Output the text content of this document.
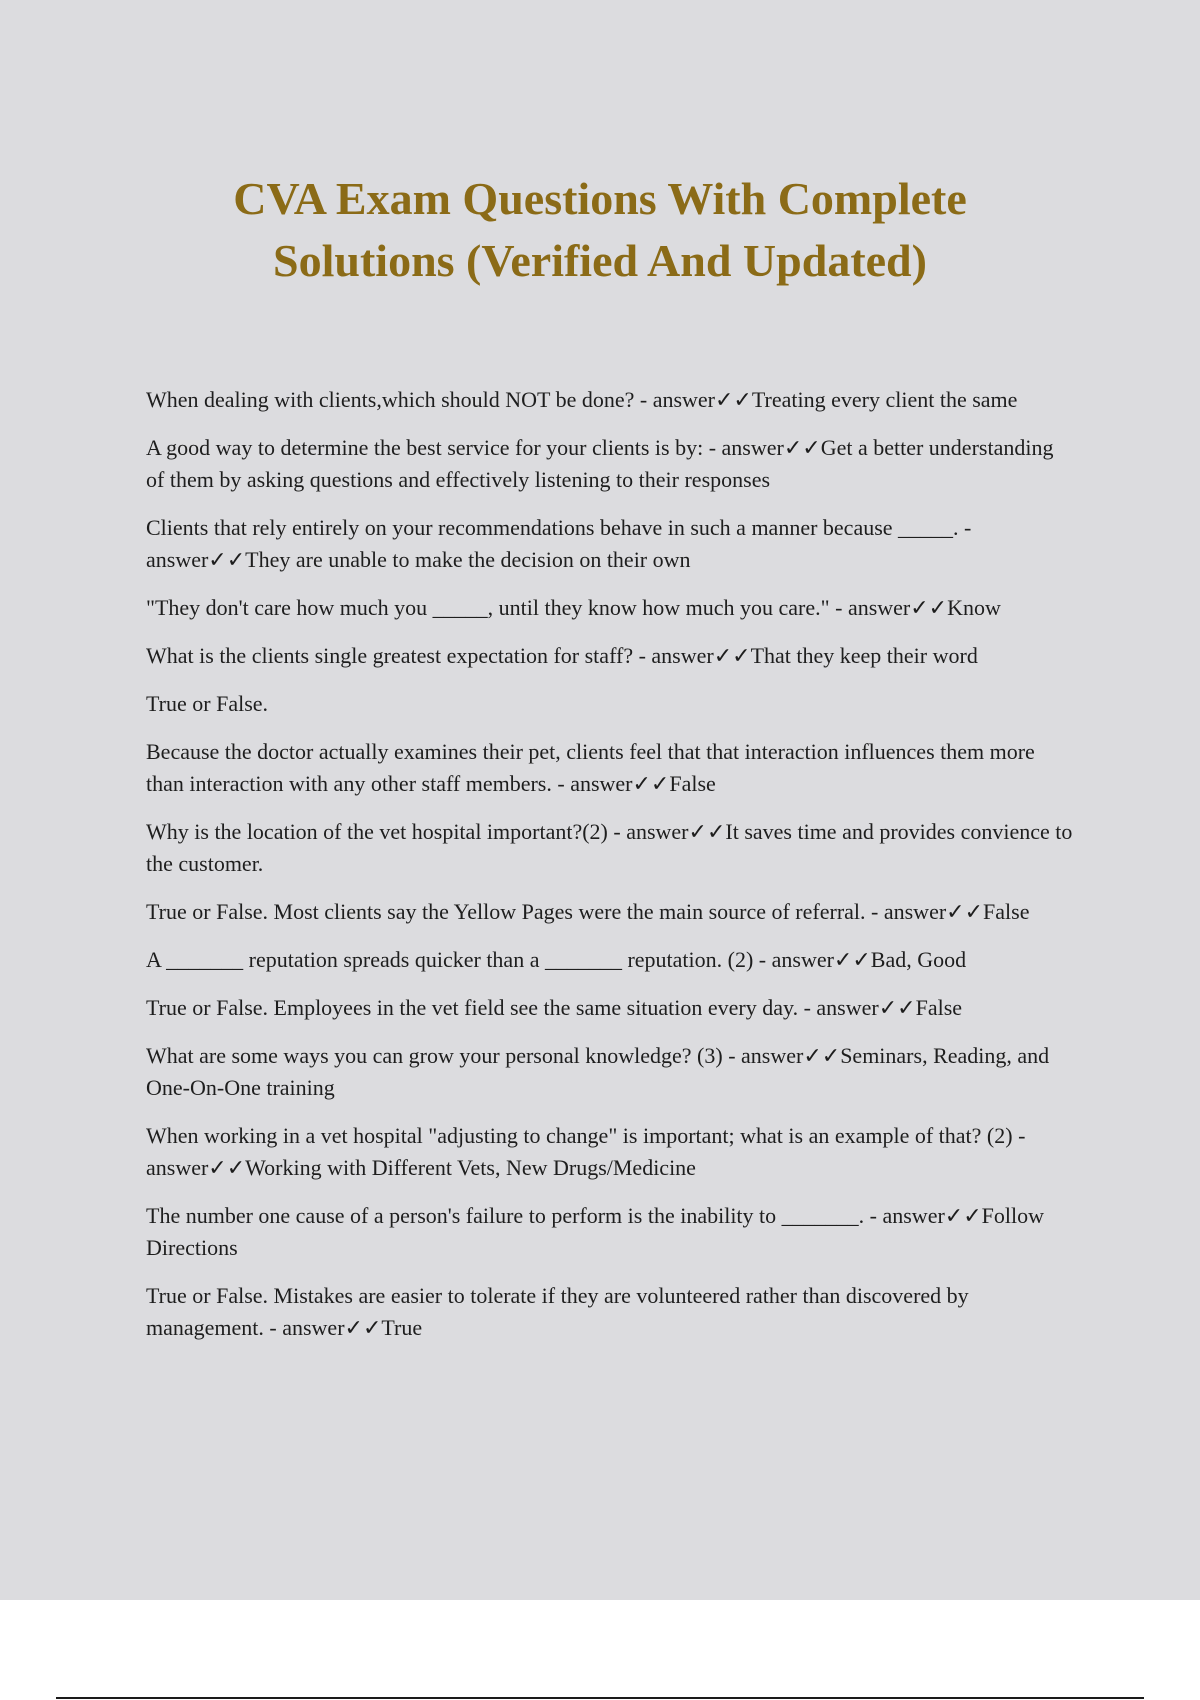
CVA Exam Questions With Complete
Solutions (Verified And Updated)

When dealing with clients,which should NOT be done? - answer✓✓Treating every client the same

A good way to determine the best service for your clients is by: - answer✓✓Get a better understanding of them by asking questions and effectively listening to their responses

Clients that rely entirely on your recommendations behave in such a manner because _____. - answer✓✓They are unable to make the decision on their own

"They don't care how much you _____, until they know how much you care." - answer✓✓Know

What is the clients single greatest expectation for staff? - answer✓✓That they keep their word

True or False.

Because the doctor actually examines their pet, clients feel that that interaction influences them more than interaction with any other staff members. - answer✓✓False

Why is the location of the vet hospital important?(2) - answer✓✓It saves time and provides convience to the customer.

True or False. Most clients say the Yellow Pages were the main source of referral. - answer✓✓False

A _______ reputation spreads quicker than a _______ reputation. (2) - answer✓✓Bad, Good

True or False. Employees in the vet field see the same situation every day. - answer✓✓False

What are some ways you can grow your personal knowledge? (3) - answer✓✓Seminars, Reading, and One-On-One training

When working in a vet hospital "adjusting to change" is important; what is an example of that? (2) - answer✓✓Working with Different Vets, New Drugs/Medicine

The number one cause of a person's failure to perform is the inability to _______. - answer✓✓Follow Directions

True or False. Mistakes are easier to tolerate if they are volunteered rather than discovered by management. - answer✓✓True
